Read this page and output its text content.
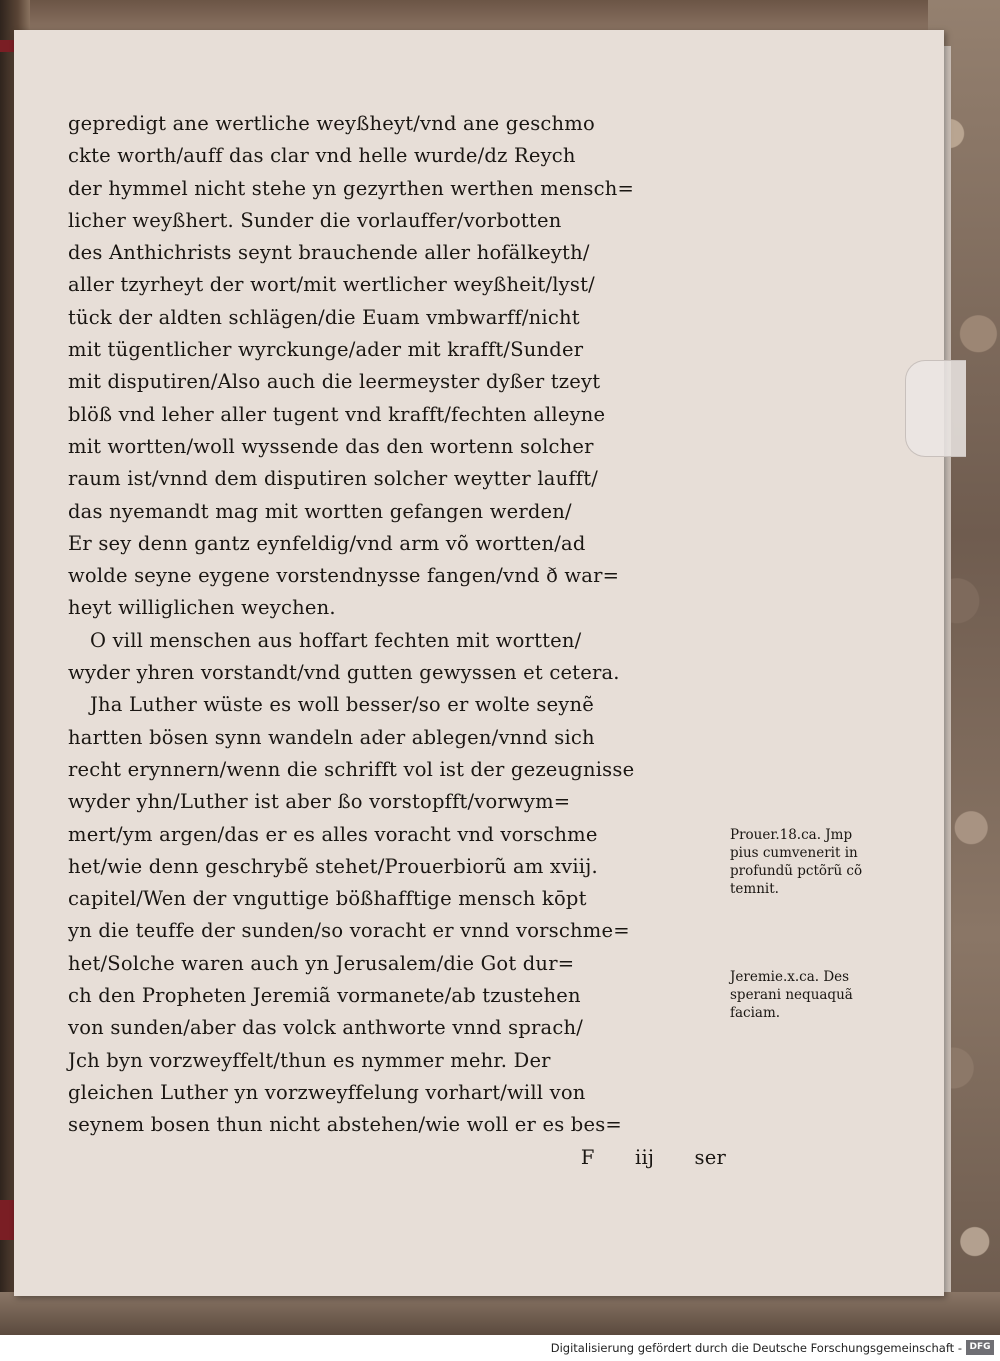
gepredigt ane wertliche weyßheyt/vnd ane geschmo
ckte worth/auff das clar vnd helle wurde/dz Reych
der hymmel nicht stehe yn gezyrthen werthen mensch=
licher weyßhert. Sunder die vorlauffer/vorbotten
des Anthichrists seynt brauchende aller hofälkeyth/
aller tzyrheyt der wort/mit wertlicher weyßheit/lyst/
tück der aldten schlägen/die Euam vmbwarff/nicht
mit tügentlicher wyrckunge/ader mit krafft/Sunder
mit disputiren/Also auch die leermeyster dyßer tzeyt
blöß vnd leher aller tugent vnd krafft/fechten alleyne
mit wortten/woll wyssende das den wortenn solcher
raum ist/vnnd dem disputiren solcher weytter laufft/
das nyemandt mag mit wortten gefangen werden/
Er sey denn gantz eynfeldig/vnd arm võ wortten/ad
wolde seyne eygene vorstendnysse fangen/vnd ð war=
heyt williglichen weychen.
O vill menschen aus hoffart fechten mit wortten/
wyder yhren vorstandt/vnd gutten gewyssen et cetera.
Jha Luther wüste es woll besser/so er wolte seynẽ
hartten bösen synn wandeln ader ablegen/vnnd sich
recht erynnern/wenn die schrifft vol ist der gezeugnisse
wyder yhn/Luther ist aber ßo vorstopfft/vorwym=
mert/ym argen/das er es alles voracht vnd vorschme
het/wie denn geschrybẽ stehet/Prouerbiorũ am xviij.
capitel/Wen der vnguttige bößhafftige mensch kōpt
yn die teuffe der sunden/so voracht er vnnd vorschme=
het/Solche waren auch yn Jerusalem/die Got dur=
ch den Propheten Jeremiã vormanete/ab tzustehen
von sunden/aber das volck anthworte vnnd sprach/
Jch byn vorzweyffelt/thun es nymmer mehr. Der
gleichen Luther yn vorzweyffelung vorhart/will von
seynem bosen thun nicht abstehen/wie woll er es bes=
F iij ser
Prouer.18.ca. Jmp
pius cumvenerit in
profundũ pctõrũ cõ
temnit.
Jeremie.x.ca. Des
sperani nequaquã
faciam.
Digitalisierung gefördert durch die Deutsche Forschungsgemeinschaft - DFG
